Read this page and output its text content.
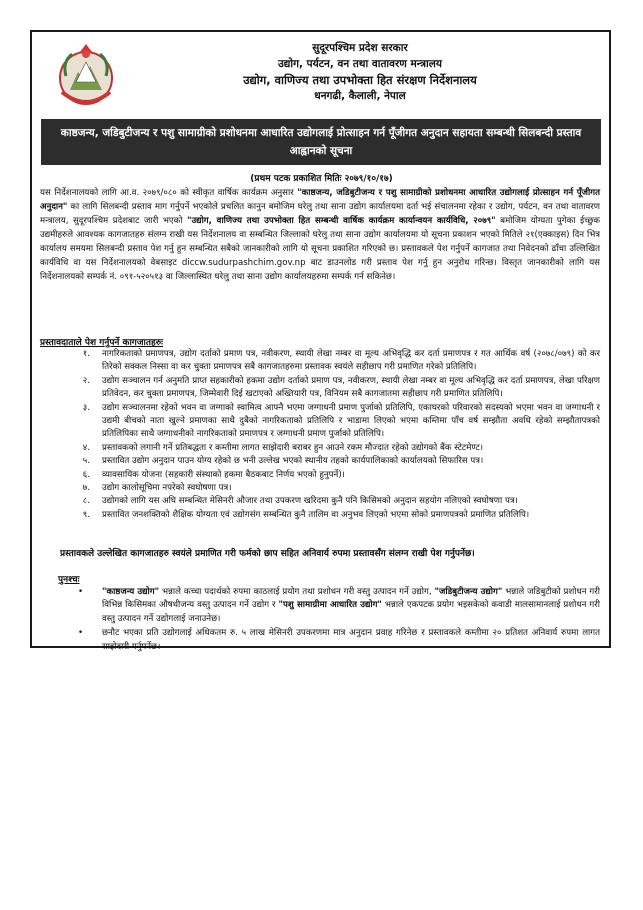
सुदूरपश्चिम प्रदेश सरकार
उद्योग, पर्यटन, वन तथा वातावरण मन्त्रालय
उद्योग, वाणिज्य तथा उपभोक्ता हित संरक्षण निर्देशनालय
धनगढी, कैलाली, नेपाल
काष्ठजन्य, जडिबुटीजन्य र पशु सामाग्रीको प्रशोधनमा आधारित उद्योगलाई प्रोत्साहन गर्न पूँजीगत अनुदान सहायता सम्बन्धी सिलबन्दी प्रस्ताव आह्वानको सूचना
(प्रथम पटक प्रकाशित मितिः २०७९/१०/१७)
यस निर्देशनालयको लागि आ.व. २०७९/०८० को स्वीकृत वार्षिक कार्यक्रम अनुसार "काष्ठजन्य, जडिबुटीजन्य र पशु सामाग्रीको प्रशोधनमा आधारित उद्योगलाई प्रोत्साहन गर्न पूँजीगत अनुदान" का लागि सिलबन्दी प्रस्ताव माग गर्नुपर्ने भएकोले प्रचलित कानुन बमोजिम घरेलु तथा साना उद्योग कार्यालयमा दर्ता भई संचालनमा रहेका र उद्योग, पर्यटन, वन तथा वातावरण मन्त्रालय, सुदूरपश्चिम प्रदेशबाट जारी भएको "उद्योग, वाणिज्य तथा उपभोक्ता हित सम्बन्धी वार्षिक कार्यक्रम कार्यान्वयन कार्यविधि, २०७९" बमोजिम योग्यता पुगेका ईच्छुक उद्यमीहरुले आवश्यक कागजातहरु संलग्न राखी यस निर्देशनालय वा सम्बन्धित जिल्लाको घरेलु तथा साना उद्योग कार्यालयमा यो सूचना प्रकाशन भएको मितिले २१(एक्काइस) दिन भित्र कार्यालय समयमा सिलबन्दी प्रस्ताव पेश गर्नु हुन सम्बन्धित सबैको जानकारीको लागि यो सूचना प्रकाशित गरिएको छ। प्रस्तावकले पेश गर्नुपर्ने कागजात तथा निवेदनको ढाँचा उल्लिखित कार्यविधि वा यस निर्देशनालयको वेबसाइट diccw.sudurpashchim.gov.np बाट डाउनलोड गरी प्रस्ताव पेश गर्नु हुन अनुरोध गरिन्छ। विस्तृत जानकारीको लागि यस निर्देशनालयको सम्पर्क नं. ०९१-५२०५१३ वा जिल्लास्थित घरेलु तथा साना उद्योग कार्यालयहरुमा सम्पर्क गर्न सकिनेछ।
प्रस्तावदाताले पेश गर्नुपर्ने कागजातहरुः
१. नागरिकताको प्रमाणपत्र, उद्योग दर्ताको प्रमाण पत्र, नवीकरण, स्थायी लेखा नम्बर वा मूल्य अभिवृद्धि कर दर्ता प्रमाणपत्र र गत आर्थिक वर्ष (२०७८/०७९) को कर तिरेको सक्कल निस्सा वा कर चुक्ता प्रमाणपत्र सबै कागजातहरुमा प्रस्तावक स्वयंले सहीछाप गरी प्रमाणित गरेको प्रतिलिपि।
२. उद्योग सञ्चालन गर्न अनुमति प्राप्त सहकारीको हकमा उद्योग दर्ताको प्रमाण पत्र, नवीकरण, स्थायी लेखा नम्बर वा मूल्य अभिवृद्धि कर दर्ता प्रमाणपत्र, लेखा परिक्षण प्रतिवेदन, कर चुक्ता प्रमाणपत्र, जिम्मेवारी दिई खटाएको अख्तियारी पत्र, विनियम सबै कागजातमा सहीछाप गरी प्रमाणित प्रतिलिपि।
३. उद्योग सञ्चालनमा रहेको भवन वा जग्गाको स्वामित्व आफ्नै भएमा जग्गाधनी प्रमाण पुर्जाको प्रतिलिपि, एकाघरको परिवारको सदस्यको भएमा भवन वा जग्गाधनी र उद्यमी बीचको नाता खुल्ने प्रमाणका साथै दुबैको नागरिकताको प्रतिलिपि र भाडामा लिएको भएमा कम्तिमा पाँच वर्ष सम्झौता अवधि रहेको सम्झौतापत्रको प्रतिलिपिका साथै जग्गाधनीको नागरिकताको प्रमाणपत्र र जग्गाधनी प्रमाण पुर्जाको प्रतिलिपि।
४. प्रस्तावकको लगानी गर्ने प्रतिबद्धता र कम्तीमा लागत साझेदारी बराबर हुन आउने रकम मौज्दात रहेको उद्योगको बैंक स्टेटमेण्ट।
५. प्रस्तावित उद्योग अनुदान पाउन योग्य रहेको छ भनी उल्लेख भएको स्थानीय तहको कार्यपालिकाको कार्यालयको सिफारिस पत्र।
६. व्यावसायिक योजना (सहकारी संस्थाको हकमा बैठकबाट निर्णय भएको हुनुपर्ने)।
७. उद्योग कालोसूचिमा नपरेको स्वघोषणा पत्र।
८. उद्योगको लागि यस अघि सम्बन्धित मेसिनरी औजार तथा उपकरण खरिदमा कुनै पनि किसिमको अनुदान सहयोग नलिएको स्वघोषणा पत्र।
९. प्रस्तावित जनशक्तिको शैक्षिक योग्यता एवं उद्योगसंग सम्बन्धित कुनै तालिम वा अनुभव लिएको भएमा सोको प्रमाणपत्रको प्रमाणित प्रतिलिपि।
प्रस्तावकले उल्लेखित कागजातहरु स्वयंले प्रमाणित गरी फर्मको छाप सहित अनिवार्य रुपमा प्रस्तावसँग संलग्न राखी पेश गर्नुपर्नेछ।
पुनश्चः
• "काष्ठजन्य उद्योग" भन्नाले कच्चा पदार्थको रुपमा काठलाई प्रयोग तथा प्रशोधन गरी वस्तु उत्पादन गर्ने उद्योग, "जडिबुटीजन्य उद्योग" भन्नाले जडिबुटीको प्रशोधन गरी विभिन्न किसिमका औषधीजन्य वस्तु उत्पादन गर्ने उद्योग र "पशु सामाग्रीमा आधारित उद्योग" भन्नाले एकपटक प्रयोग भइसकेको कवाडी मालसामानलाई प्रशोधन गरी वस्तु उत्पादन गर्ने उद्योगलाई जनाउनेछ।
• छनौट भएका प्रति उद्योगलाई अधिकतम रु. ५ लाख मेसिनरी उपकरणमा मात्र अनुदान प्रवाह गरिनेछ र प्रस्तावकले कम्तीमा २० प्रतिशत अनिवार्य रुपमा लागत साझेदारी गर्नुपर्नेछ।
